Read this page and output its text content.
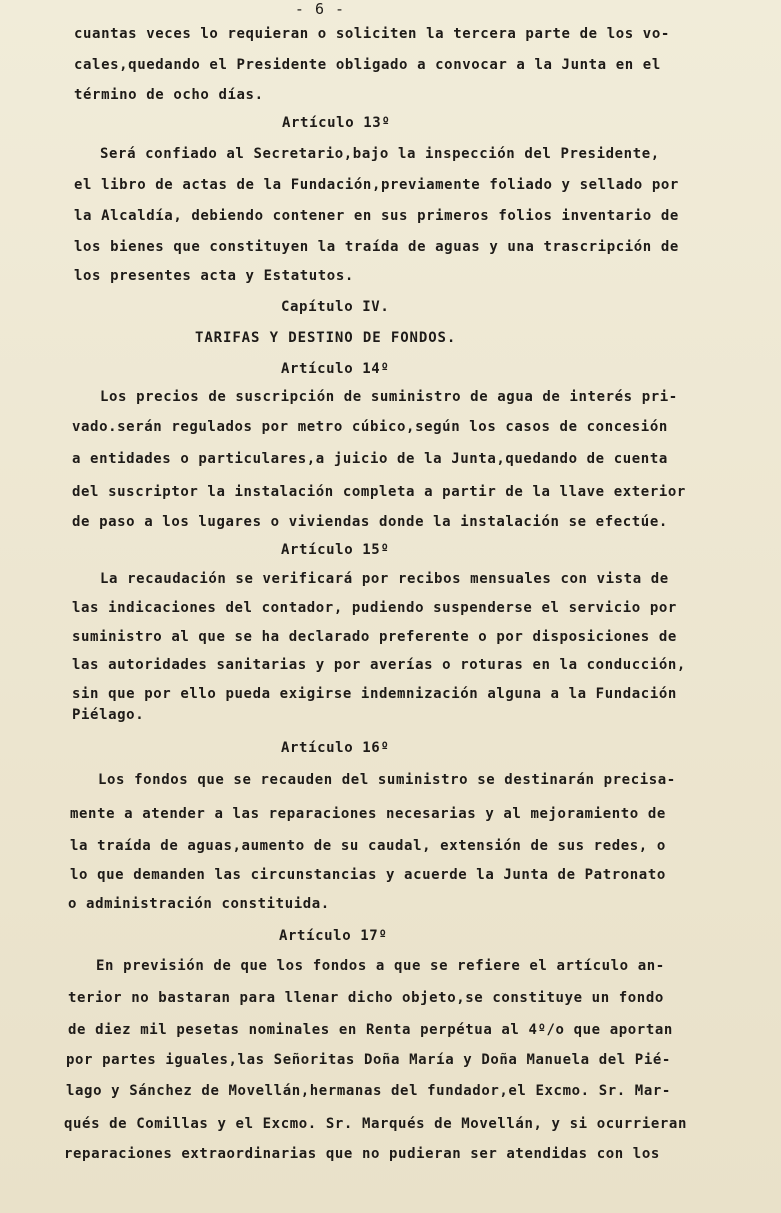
- 6 -
cuantas veces lo requieran o soliciten la tercera parte de los vo-
cales,quedando el Presidente obligado a convocar a la Junta en el
término de ocho días.
Artículo 13º
Será confiado al Secretario,bajo la inspección del Presidente,
el libro de actas de la Fundación,previamente foliado y sellado por
la Alcaldía, debiendo contener en sus primeros folios inventario de
los bienes que constituyen la traída de aguas y una trascripción de
los presentes acta y Estatutos.
Capítulo IV.
TARIFAS Y DESTINO DE FONDOS.
Artículo 14º
Los precios de suscripción de suministro de agua de interés pri-
vado.serán regulados por metro cúbico,según los casos de concesión
a entidades o particulares,a juicio de la Junta,quedando de cuenta
del suscriptor la instalación completa a partir de la llave exterior
de paso a los lugares o viviendas donde la instalación se efectúe.
Artículo 15º
La recaudación se verificará por recibos mensuales con vista de
las indicaciones del contador, pudiendo suspenderse el servicio por
suministro al que se ha declarado preferente o por disposiciones de
las autoridades sanitarias y por averías o roturas en la conducción,
sin que por ello pueda exigirse indemnización alguna a la Fundación
Piélago.
Artículo 16º
Los fondos que se recauden del suministro se destinarán precisa-
mente a atender a las reparaciones necesarias y al mejoramiento de
la traída de aguas,aumento de su caudal, extensión de sus redes, o
lo que demanden las circunstancias y acuerde la Junta de Patronato
o administración constituida.
Artículo 17º
En previsión de que los fondos a que se refiere el artículo an-
terior no bastaran para llenar dicho objeto,se constituye un fondo
de diez mil pesetas nominales en Renta perpétua al 4º/o que aportan
por partes iguales,las Señoritas Doña María y Doña Manuela del Pié-
lago y Sánchez de Movellán,hermanas del fundador,el Excmo. Sr. Mar-
qués de Comillas y el Excmo. Sr. Marqués de Movellán, y si ocurrieran
reparaciones extraordinarias que no pudieran ser atendidas con los
